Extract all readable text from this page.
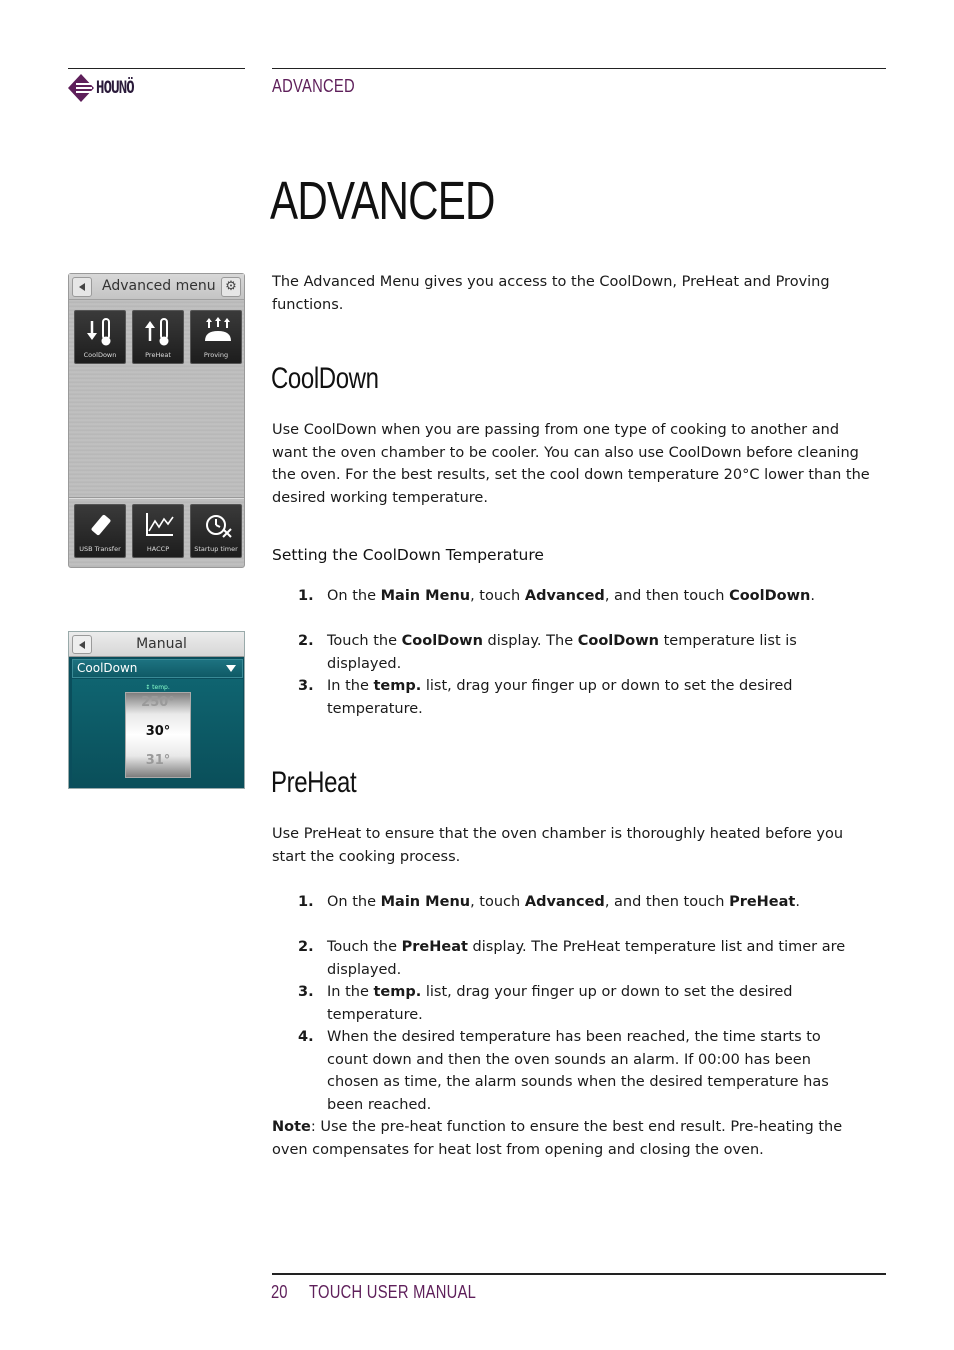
HOUNÖ	ADVANCED
ADVANCED
The Advanced Menu gives you access to the CoolDown, PreHeat and Proving functions.
Advanced menu ⚙
CoolDown	PreHeat	Proving
USB Transfer	HACCP	Startup timer
CoolDown
Use CoolDown when you are passing from one type of cooking to another and want the oven chamber to be cooler. You can also use CoolDown before cleaning the oven. For the best results, set the cool down temperature 20°C lower than the desired working temperature.
Setting the CoolDown Temperature
1. On the Main Menu, touch Advanced, and then touch CoolDown.
2. Touch the CoolDown display. The CoolDown temperature list is displayed.
3. In the temp. list, drag your finger up or down to set the desired temperature.
Manual
CoolDown
↕ temp.
250°
30°
31°
PreHeat
Use PreHeat to ensure that the oven chamber is thoroughly heated before you start the cooking process.
1. On the Main Menu, touch Advanced, and then touch PreHeat.
2. Touch the PreHeat display. The PreHeat temperature list and timer are displayed.
3. In the temp. list, drag your finger up or down to set the desired temperature.
4. When the desired temperature has been reached, the time starts to count down and then the oven sounds an alarm. If 00:00 has been chosen as time, the alarm sounds when the desired temperature has been reached.
Note: Use the pre-heat function to ensure the best end result. Pre-heating the oven compensates for heat lost from opening and closing the oven.
20 TOUCH USER MANUAL
